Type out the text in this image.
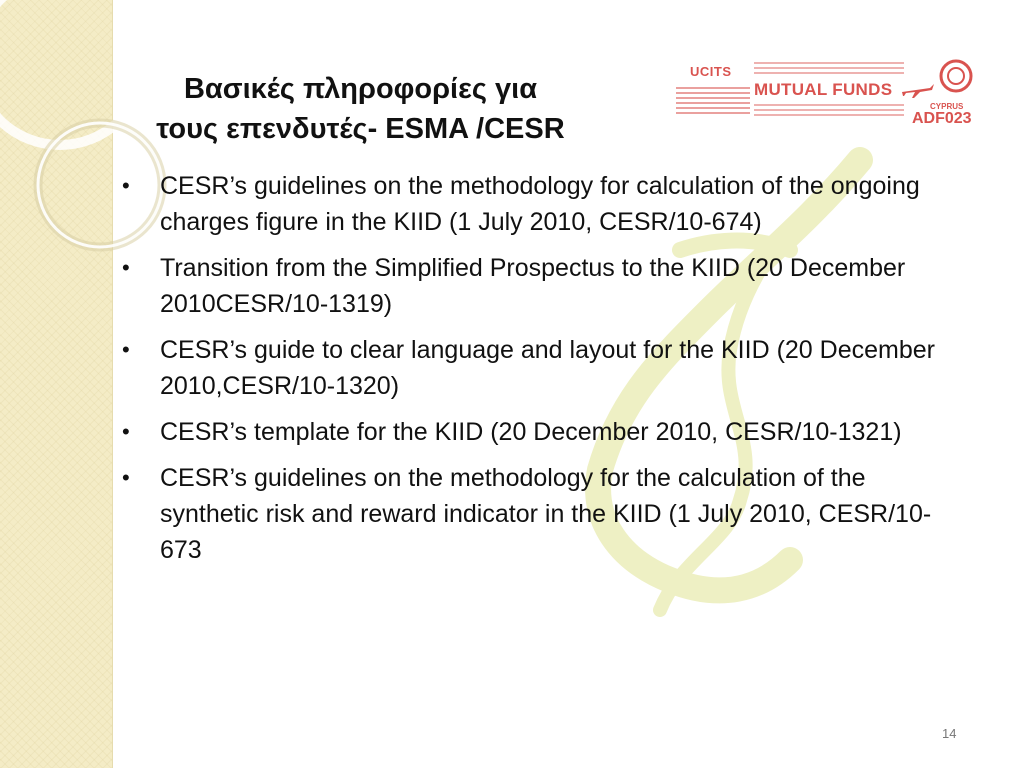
Βασικές πληροφορίες για
τους επενδυτές- ESMA /CESR
UCITS
MUTUAL FUNDS
CYPRUS
ADF023
• CESR’s guidelines on the methodology for calculation of the ongoing charges figure in the KIID (1 July 2010, CESR/10-674)
• Transition from the Simplified Prospectus to the KIID (20 December 2010CESR/10-1319)
• CESR’s guide to clear language and layout for the KIID (20 December 2010,CESR/10-1320)
• CESR’s template for the KIID (20 December 2010, CESR/10-1321)
• CESR’s guidelines on the methodology for the calculation of the synthetic risk and reward indicator in the KIID (1 July 2010, CESR/10-673
14
